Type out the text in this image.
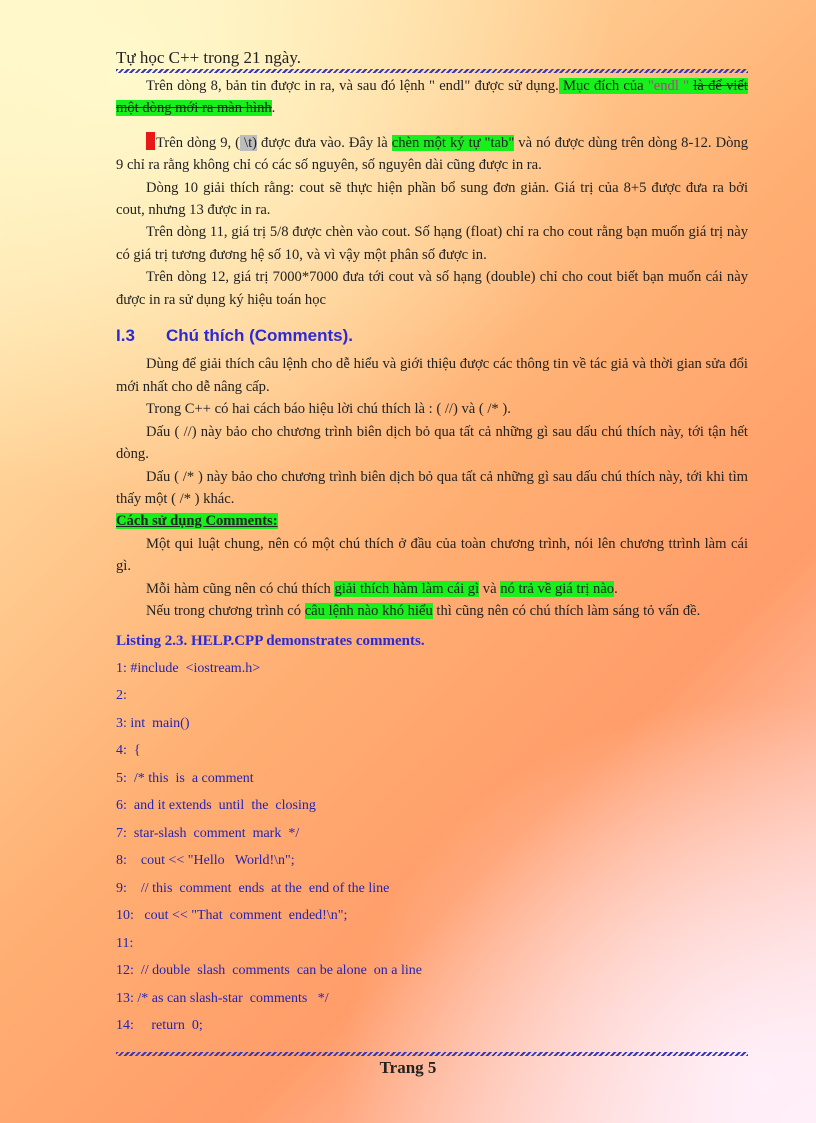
Tự học C++ trong 21 ngày.

Trên dòng 8, bản tin được in ra, và sau đó lệnh " endl" được sử dụng. Mục đích của "endl " là để viết một dòng mới ra màn hình.

Trên dòng 9, ( \t) được đưa vào. Đây là chèn một ký tự "tab" và nó được dùng trên dòng 8-12. Dòng 9 chỉ ra rằng không chỉ có các số nguyên, số nguyên dài cũng được in ra.

Dòng 10 giải thích rằng: cout sẽ thực hiện phần bổ sung đơn giản. Giá trị của 8+5 được đưa ra bởi cout, nhưng 13 được in ra.

Trên dòng 11, giá trị 5/8 được chèn vào cout. Số hạng (float) chỉ ra cho cout rằng bạn muốn giá trị này có giá trị tương đương hệ số 10, và vì vậy một phân số được in.

Trên dòng 12, giá trị 7000*7000 đưa tới cout và số hạng (double) chỉ cho cout biết bạn muốn cái này được in ra sử dụng ký hiệu toán học

I.3 Chú thích (Comments).

Dùng để giải thích câu lệnh cho dễ hiểu và giới thiệu được các thông tin về tác giả và thời gian sửa đổi mới nhất cho dễ nâng cấp.

Trong C++ có hai cách báo hiệu lời chú thích là : ( //) và ( /* ).

Dấu ( //) này bảo cho chương trình biên dịch bỏ qua tất cả những gì sau dấu chú thích này, tới tận hết dòng.

Dấu ( /* ) này bảo cho chương trình biên dịch bỏ qua tất cả những gì sau dấu chú thích này, tới khi tìm thấy một ( /* ) khác.

Cách sử dụng Comments:

Một qui luật chung, nên có một chú thích ở đầu của toàn chương trình, nói lên chương ttrình làm cái gì.

Mỗi hàm cũng nên có chú thích giải thích hàm làm cái gì và nó trả về giá trị nào.

Nếu trong chương trình có câu lệnh nào khó hiểu thì cũng nên có chú thích làm sáng tỏ vấn đề.

Listing 2.3. HELP.CPP demonstrates comments.
1: #include  <iostream.h>
2:
3: int  main()
4:  {
5:  /* this  is  a comment
6:  and it extends  until  the  closing
7:  star-slash  comment  mark  */
8:    cout << "Hello   World!\n";
9:    // this  comment  ends  at the  end of the line
10:   cout << "That  comment  ended!\n";
11:
12:  // double  slash  comments  can be alone  on a line
13: /* as can slash-star  comments   */
14:     return  0;
Trang 5
